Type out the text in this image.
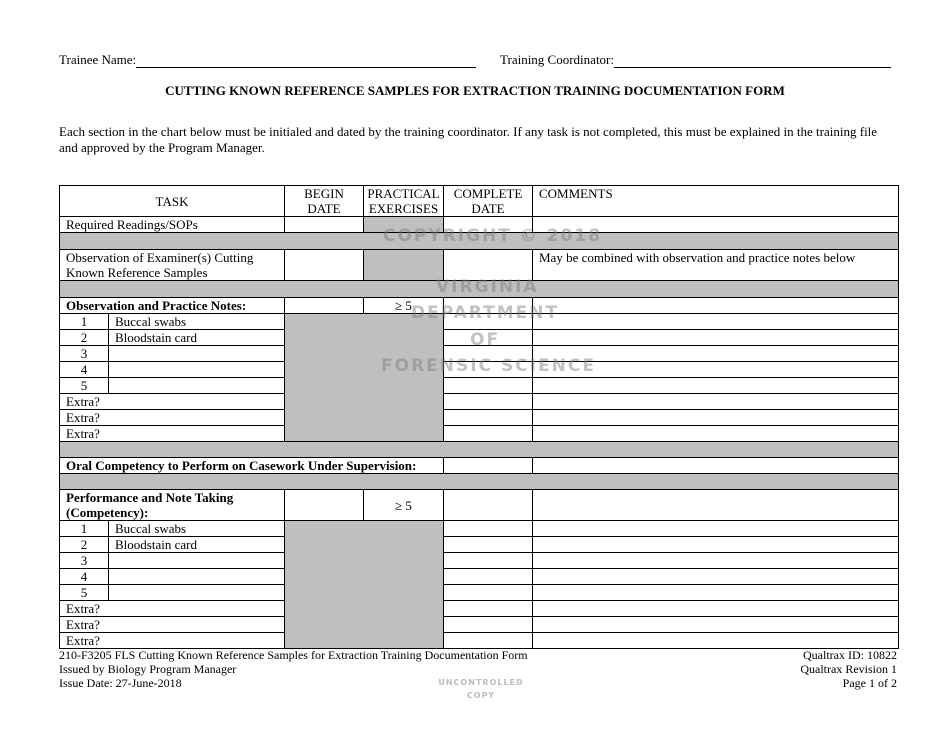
Trainee Name:	Training Coordinator:
CUTTING KNOWN REFERENCE SAMPLES FOR EXTRACTION TRAINING DOCUMENTATION FORM
Each section in the chart below must be initialed and dated by the training coordinator. If any task is not completed, this must be explained in the training file and approved by the Program Manager.
TASK		BEGIN DATE	PRACTICAL EXERCISES	COMPLETE DATE	COMMENTS
Required Readings/SOPs					

Observation of Examiner(s) Cutting Known Reference Samples					May be combined with observation and practice notes below

Observation and Practice Notes:			≥ 5		
1	Buccal swabs				
2	Bloodstain card				
3					
4					
5					
Extra?					
Extra?					
Extra?					

Oral Competency to Perform on Casework Under Supervision:					

Performance and Note Taking (Competency):			≥ 5		
1	Buccal swabs				
2	Bloodstain card				
3					
4					
5					
Extra?					
Extra?					
Extra?					
COPYRIGHT © 2018
VIRGINIA
DEPARTMENT
OF
FORENSIC SCIENCE
210-F3205 FLS Cutting Known Reference Samples for Extraction Training Documentation Form
Issued by Biology Program Manager
Issue Date: 27-June-2018
Qualtrax ID: 10822
Qualtrax Revision 1
Page 1 of 2
UNCONTROLLED
COPY
